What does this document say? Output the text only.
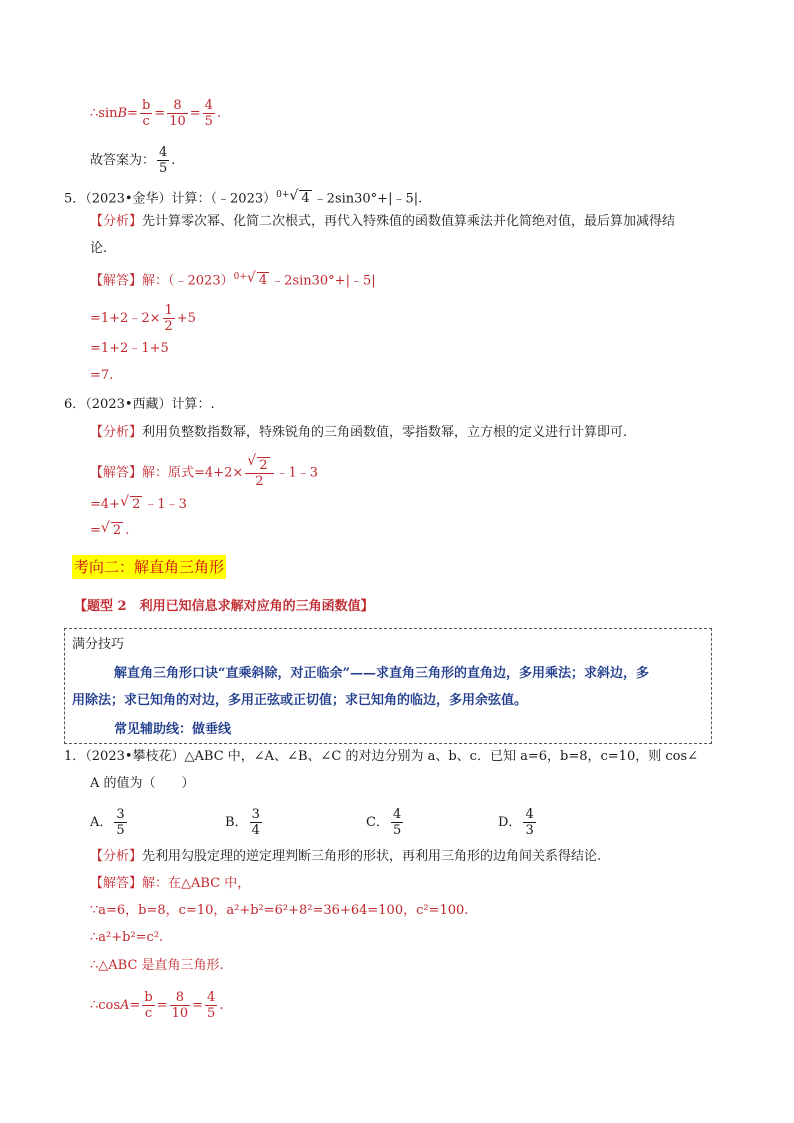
∴sinB= $\frac{b}{c} = \frac{8}{10} = \frac{4}{5}$ .
故答案为： $\frac{4}{5}$ .
5．（2023•金华）计算：（﹣2023）$^{0+}$ √ 4 ﹣2sin30°+|﹣5|.
【分析】先计算零次幂、化简二次根式，再代入特殊值的函数值算乘法并化简绝对值，最后算加减得结
论.
【解答】解：（﹣2023）$^{0+}$ √ 4 ﹣2sin30°+|﹣5|
=1+2﹣2× $\frac{1}{2} +5$
=1+2﹣1+5
=7.
6．（2023•西藏）计算：.
【分析】利用负整数指数幂，特殊锐角的三角函数值，零指数幂，立方根的定义进行计算即可.
【解答】解：原式$=4+2\times \frac{√ 2}{2}$ ﹣1﹣3
=4+ √ 2 ﹣1﹣3
= √ 2 .
考向二：解直角三角形
【题型 2　利用已知信息求解对应角的三角函数值】
满分技巧
解直角三角形口诀“直乘斜除，对正临余”——求直角三角形的直角边，多用乘法；求斜边，多
用除法；求已知角的对边，多用正弦或正切值；求已知角的临边，多用余弦值。
常见辅助线：做垂线
1．（2023•攀枝花）△ABC 中，∠A、∠B、∠C 的对边分别为 a、b、c．已知 a=6，b=8，c=10，则 cos∠
A 的值为（　　）
A． $\frac{3}{5}$	B． $\frac{3}{4}$	C． $\frac{4}{5}$	D． $\frac{4}{3}$
【分析】先利用勾股定理的逆定理判断三角形的形状，再利用三角形的边角间关系得结论.
【解答】解：在△ABC 中，
∵a=6，b=8，c=10，a²+b²=6²+8²=36+64=100，c²=100.
∴a²+b²=c².
∴△ABC 是直角三角形.
∴cosA= $\frac{b}{c} = \frac{8}{10} = \frac{4}{5}$ .
